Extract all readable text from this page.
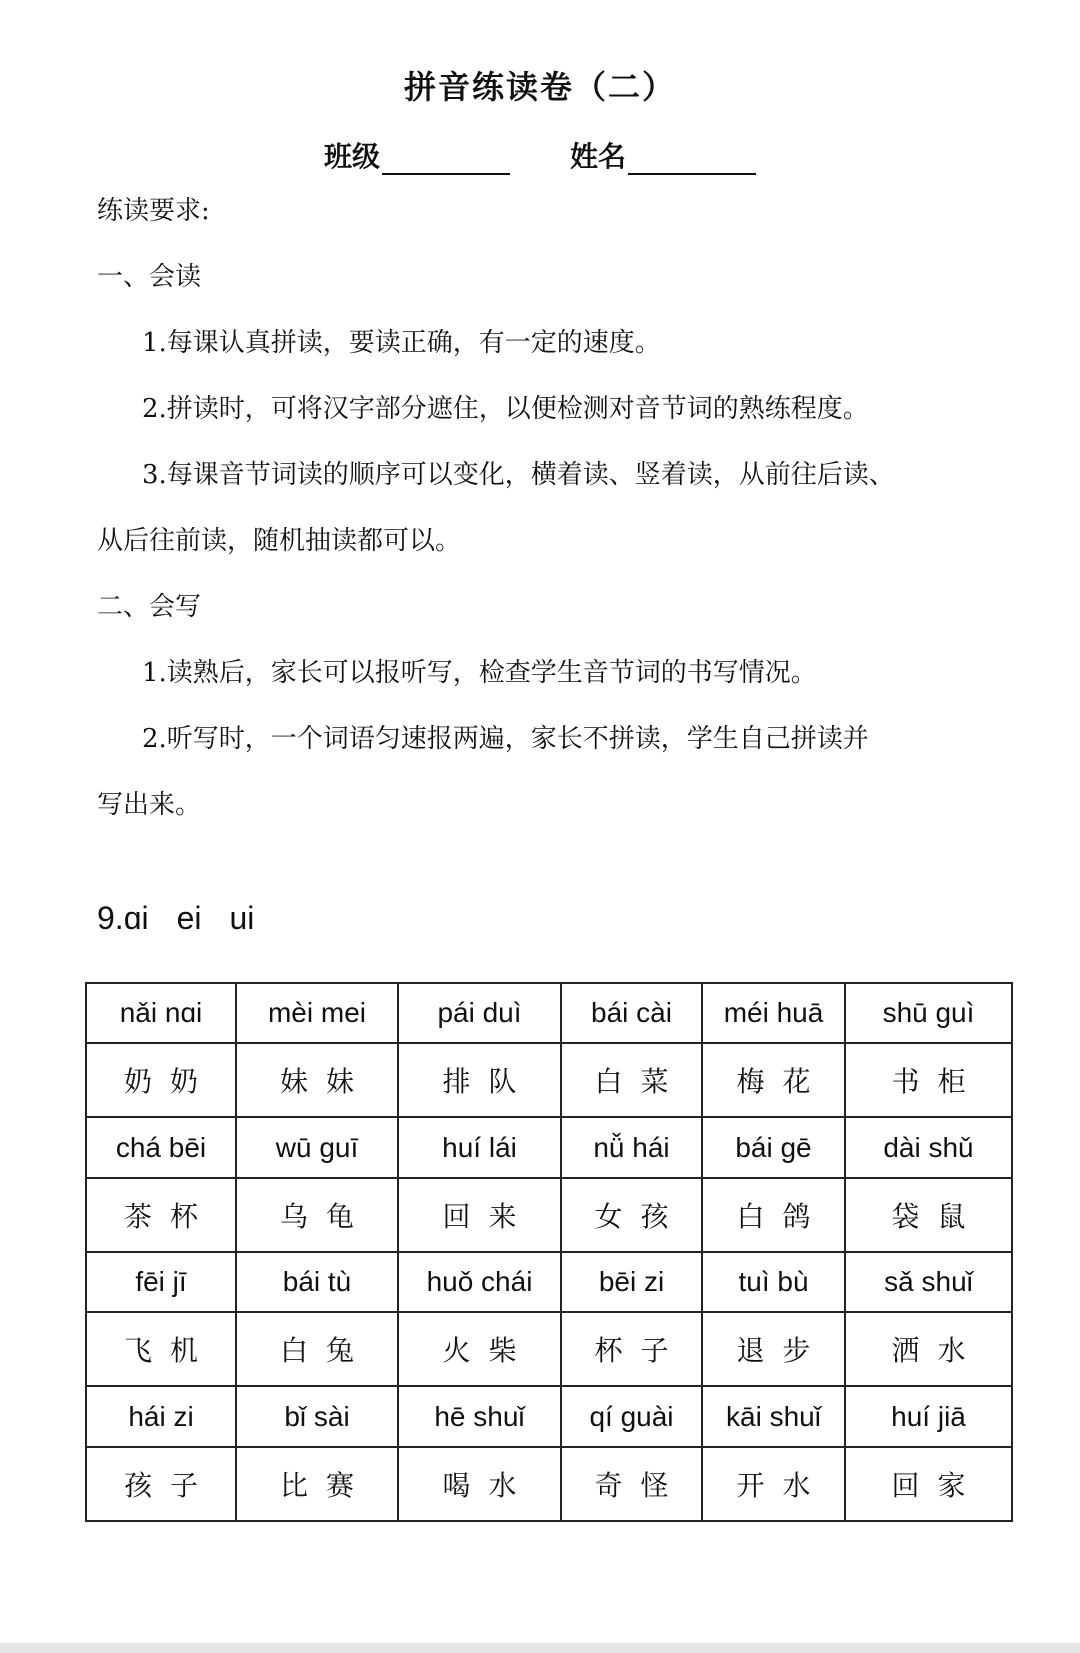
拼音练读卷（二）
班级	姓名
练读要求:
一、会读
1.每课认真拼读，要读正确，有一定的速度。
2.拼读时，可将汉字部分遮住，以便检测对音节词的熟练程度。
3.每课音节词读的顺序可以变化，横着读、竖着读，从前往后读、
从后往前读，随机抽读都可以。
二、会写
1.读熟后，家长可以报听写，检查学生音节词的书写情况。
2.听写时，一个词语匀速报两遍，家长不拼读，学生自己拼读并
写出来。
9.ɑi ei ui
nǎi nɑi	mèi mei	pái duì	bái cài	méi huā	shū guì
奶奶	妹妹	排队	白菜	梅花	书柜
chá bēi	wū guī	huí lái	nǚ hái	bái gē	dài shǔ
茶杯	乌龟	回来	女孩	白鸽	袋鼠
fēi jī	bái tù	huǒ chái	bēi zi	tuì bù	sǎ shuǐ
飞机	白兔	火柴	杯子	退步	洒水
hái zi	bǐ sài	hē shuǐ	qí guài	kāi shuǐ	huí jiā
孩子	比赛	喝水	奇怪	开水	回家
